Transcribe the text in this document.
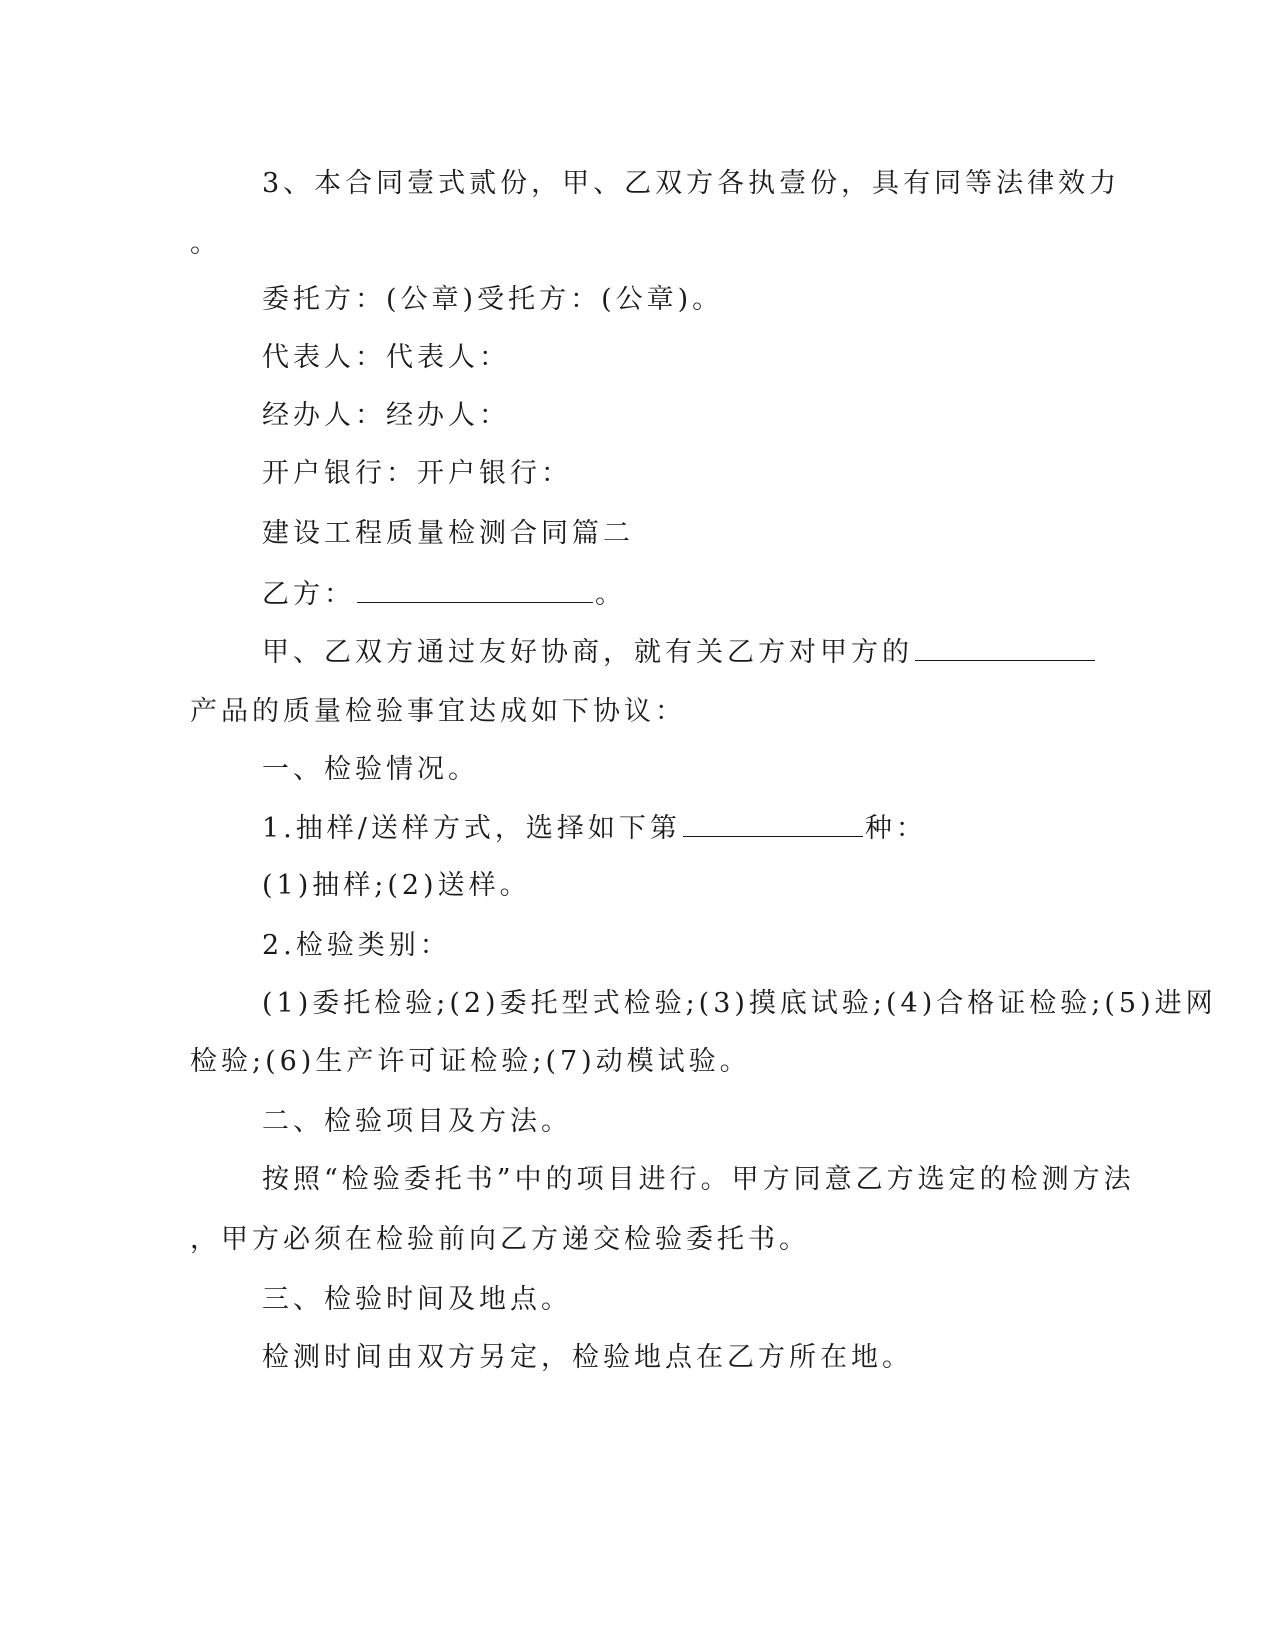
3、本合同壹式贰份，甲、乙双方各执壹份，具有同等法律效力
。
委托方：(公章)受托方：(公章)。
代表人：代表人：
经办人：经办人：
开户银行：开户银行：
建设工程质量检测合同篇二
乙方：	。
甲、乙双方通过友好协商，就有关乙方对甲方的
产品的质量检验事宜达成如下协议：
一、检验情况。
1.抽样/送样方式，选择如下第	种：
(1)抽样;(2)送样。
2.检验类别：
(1)委托检验;(2)委托型式检验;(3)摸底试验;(4)合格证检验;(5)进网
检验;(6)生产许可证检验;(7)动模试验。
二、检验项目及方法。
按照“检验委托书”中的项目进行。甲方同意乙方选定的检测方法
，甲方必须在检验前向乙方递交检验委托书。
三、检验时间及地点。
检测时间由双方另定，检验地点在乙方所在地。
